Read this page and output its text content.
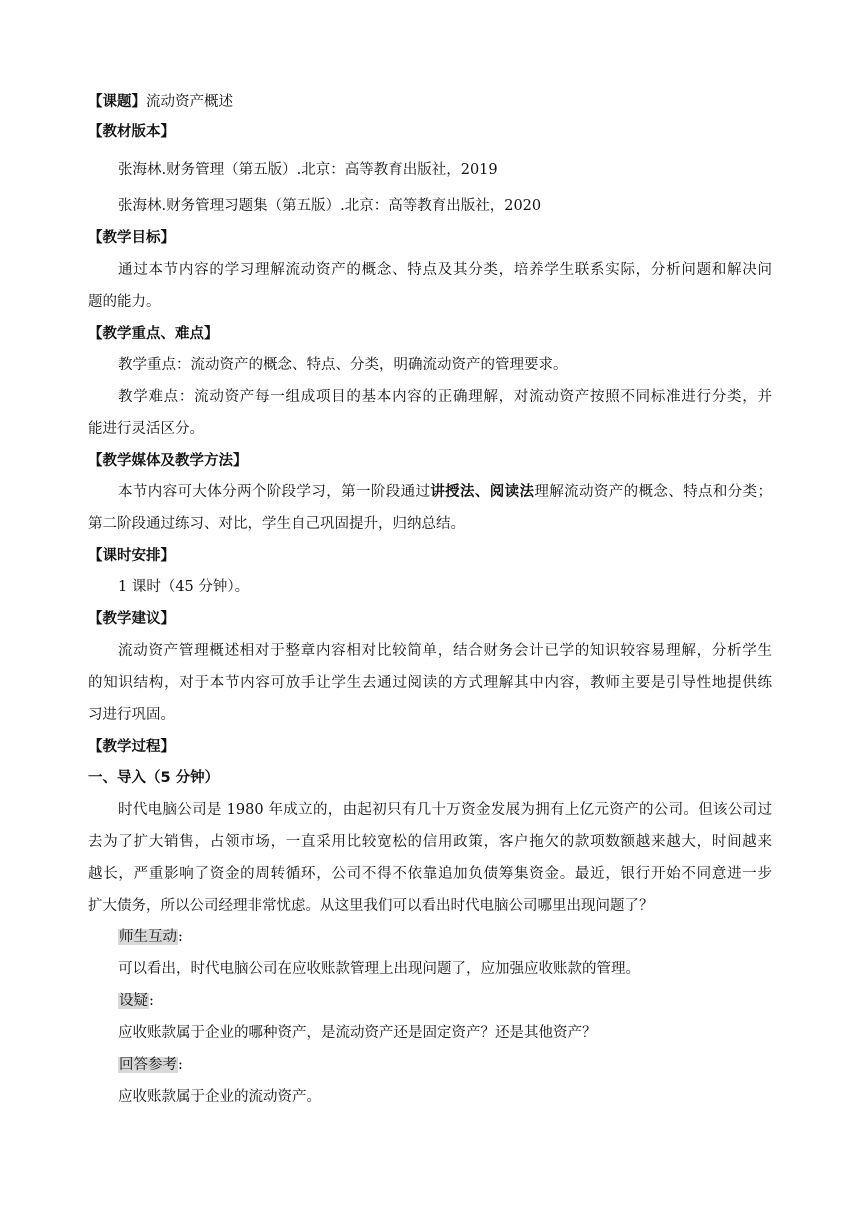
【课题】流动资产概述
【教材版本】
张海林.财务管理（第五版）.北京：高等教育出版社，2019
张海林.财务管理习题集（第五版）.北京：高等教育出版社，2020
【教学目标】
通过本节内容的学习理解流动资产的概念、特点及其分类，培养学生联系实际，分析问题和解决问
题的能力。
【教学重点、难点】
教学重点：流动资产的概念、特点、分类，明确流动资产的管理要求。
教学难点：流动资产每一组成项目的基本内容的正确理解，对流动资产按照不同标准进行分类，并
能进行灵活区分。
【教学媒体及教学方法】
本节内容可大体分两个阶段学习，第一阶段通过讲授法、阅读法理解流动资产的概念、特点和分类；
第二阶段通过练习、对比，学生自己巩固提升，归纳总结。
【课时安排】
1 课时（45 分钟）。
【教学建议】
流动资产管理概述相对于整章内容相对比较简单，结合财务会计已学的知识较容易理解，分析学生
的知识结构，对于本节内容可放手让学生去通过阅读的方式理解其中内容，教师主要是引导性地提供练
习进行巩固。
【教学过程】
一、导入（5 分钟）
时代电脑公司是 1980 年成立的，由起初只有几十万资金发展为拥有上亿元资产的公司。但该公司过
去为了扩大销售，占领市场，一直采用比较宽松的信用政策，客户拖欠的款项数额越来越大，时间越来
越长，严重影响了资金的周转循环，公司不得不依靠追加负债筹集资金。最近，银行开始不同意进一步
扩大债务，所以公司经理非常忧虑。从这里我们可以看出时代电脑公司哪里出现问题了？
师生互动:
可以看出，时代电脑公司在应收账款管理上出现问题了，应加强应收账款的管理。
设疑:
应收账款属于企业的哪种资产，是流动资产还是固定资产？还是其他资产？
回答参考:
应收账款属于企业的流动资产。
